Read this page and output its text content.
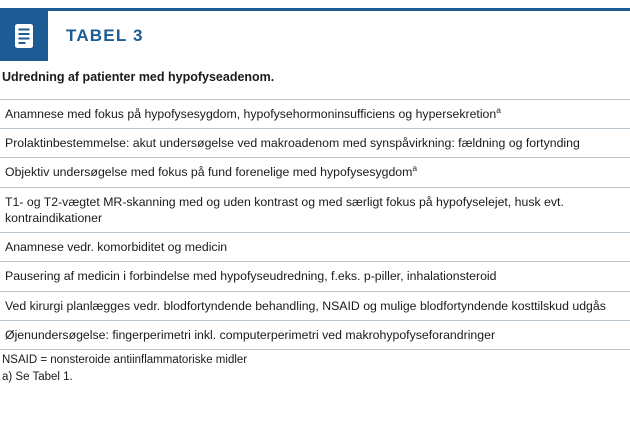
TABEL 3
Udredning af patienter med hypofyseadenom.
Anamnese med fokus på hypofysesygdom, hypofysehormoninsufficiens og hypersekretion$^a$
Prolaktinbestemmelse: akut undersøgelse ved makroadenom med synspåvirkning: fældning og fortynding
Objektiv undersøgelse med fokus på fund forenelige med hypofysesygdom$^a$
T1- og T2-vægtet MR-skanning med og uden kontrast og med særligt fokus på hypofyselejet, husk evt. kontraindikationer
Anamnese vedr. komorbiditet og medicin
Pausering af medicin i forbindelse med hypofyseudredning, f.eks. p-piller, inhalationsteroid
Ved kirurgi planlægges vedr. blodfortyndende behandling, NSAID og mulige blodfortyndende kosttilskud udgås
Øjenundersøgelse: fingerperimetri inkl. computerperimetri ved makrohypofyseforandringer
NSAID = nonsteroide antiinflammatoriske midler
a) Se Tabel 1.
